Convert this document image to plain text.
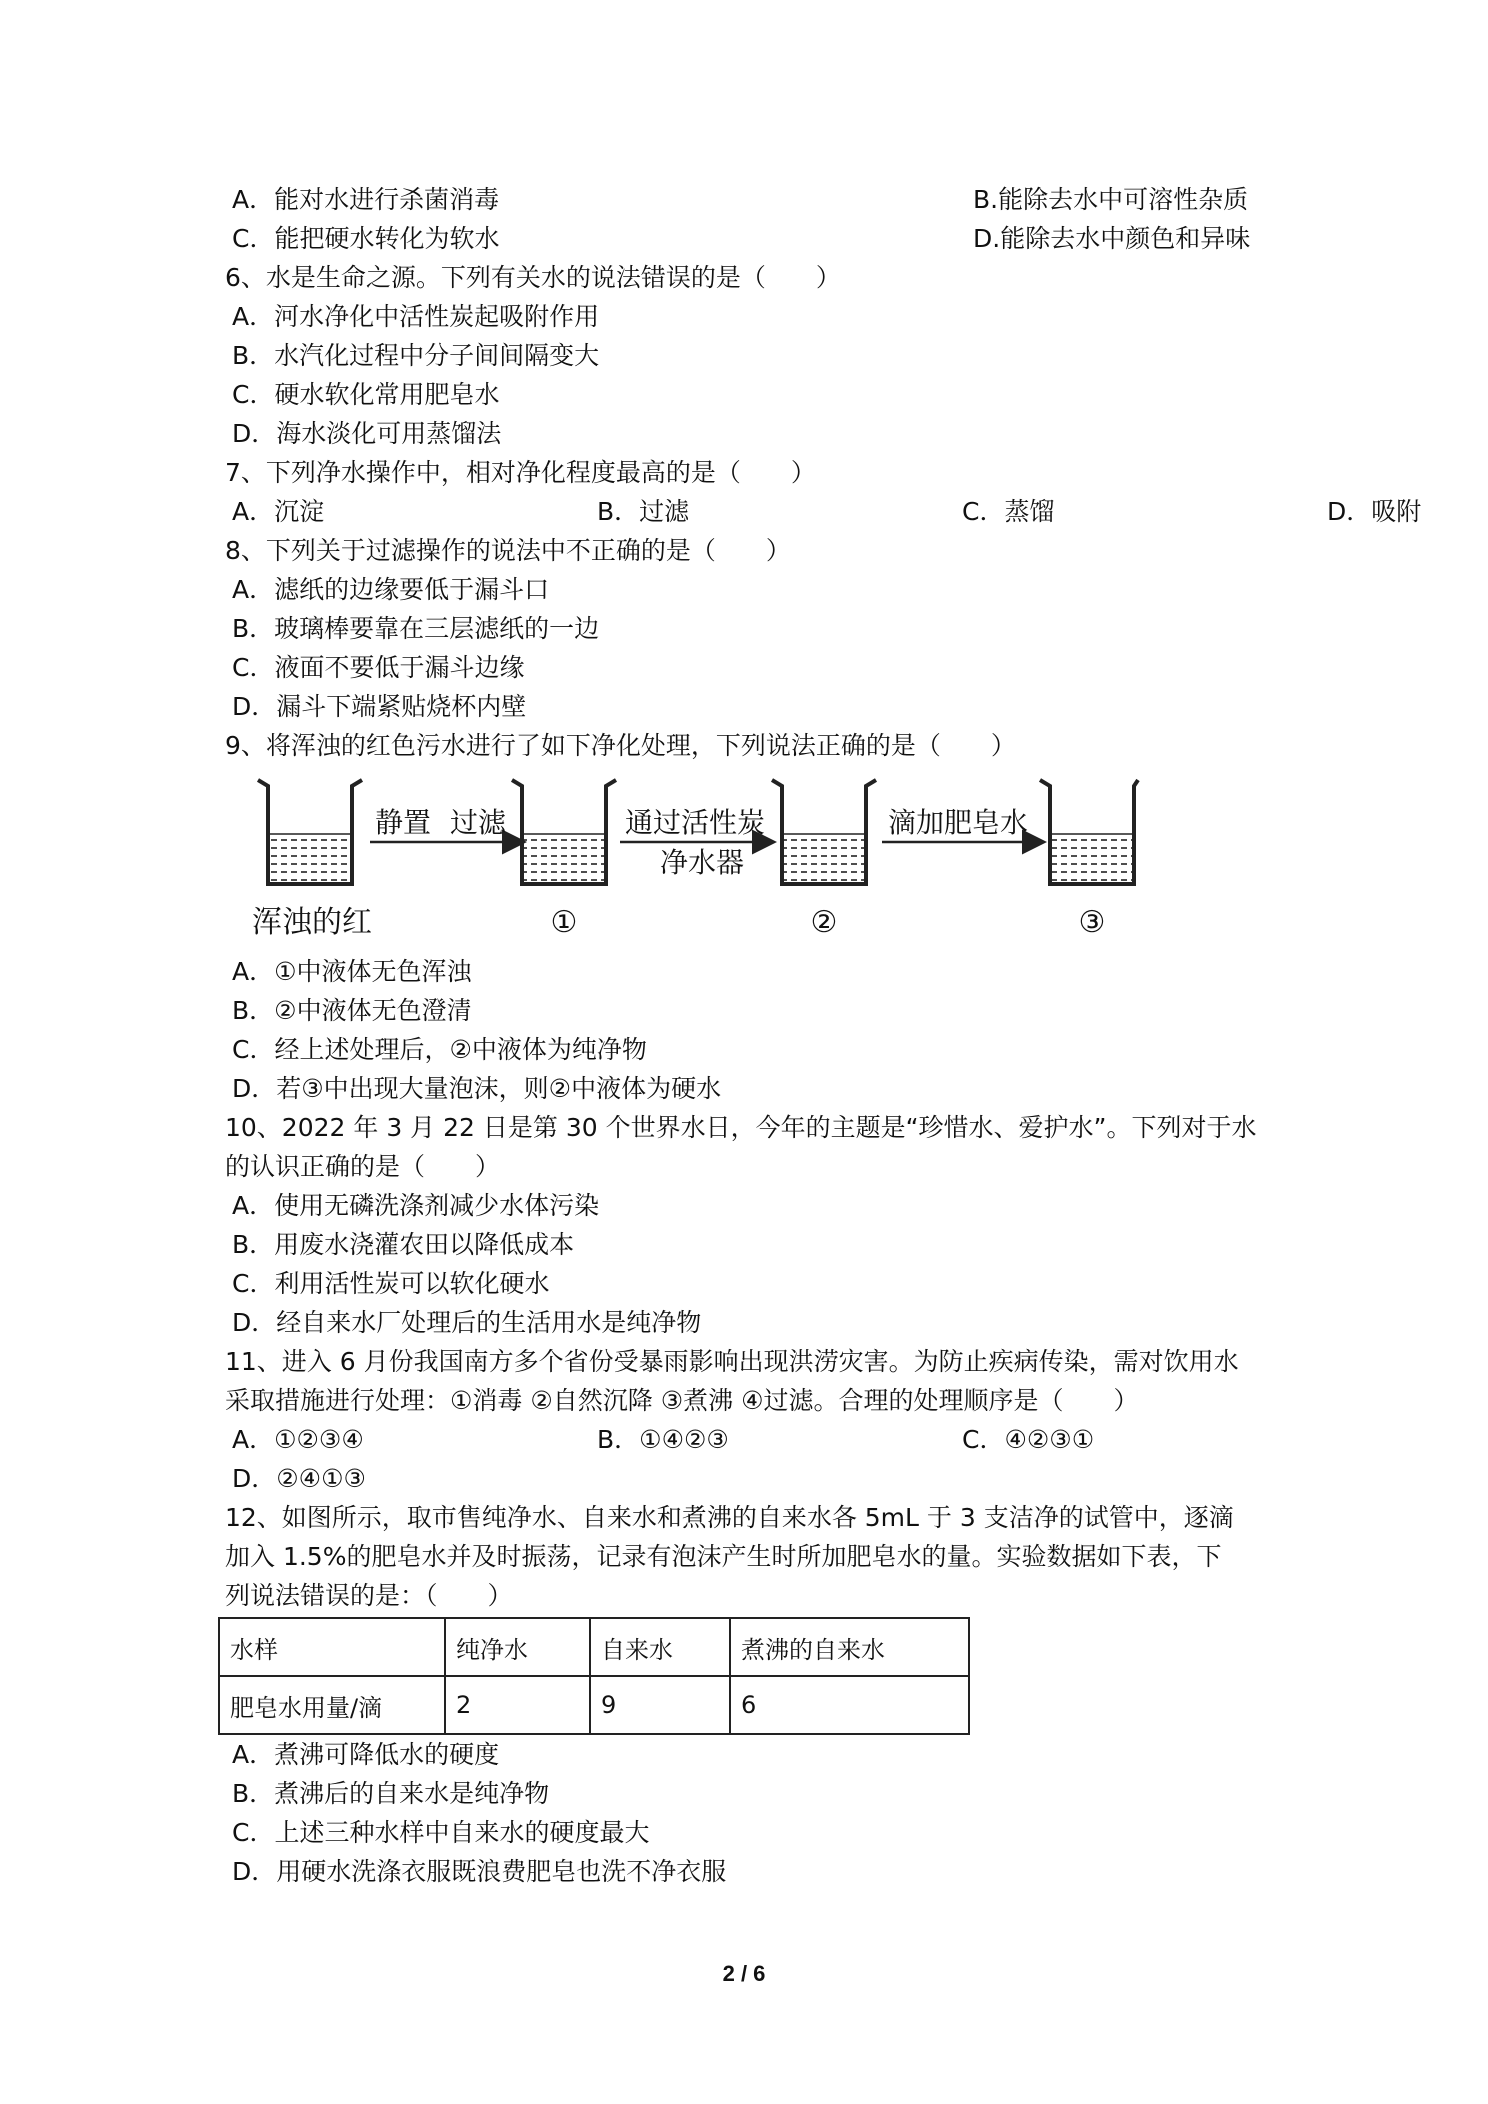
A．能对水进行杀菌消毒	B.能除去水中可溶性杂质
C．能把硬水转化为软水	D.能除去水中颜色和异味
6、水是生命之源。下列有关水的说法错误的是（　　）
A．河水净化中活性炭起吸附作用
B．水汽化过程中分子间间隔变大
C．硬水软化常用肥皂水
D．海水淡化可用蒸馏法
7、下列净水操作中，相对净化程度最高的是（　　）
A．沉淀	B．过滤	C．蒸馏	D．吸附
8、下列关于过滤操作的说法中不正确的是（　　）
A．滤纸的边缘要低于漏斗口
B．玻璃棒要靠在三层滤纸的一边
C．液面不要低于漏斗边缘
D．漏斗下端紧贴烧杯内壁
9、将浑浊的红色污水进行了如下净化处理，下列说法正确的是（　　）
浑浊的红
静置 过滤
①
通过活性炭
净水器
②
滴加肥皂水
③
A．①中液体无色浑浊
B．②中液体无色澄清
C．经上述处理后，②中液体为纯净物
D．若③中出现大量泡沫，则②中液体为硬水
10、2022 年 3 月 22 日是第 30 个世界水日，今年的主题是“珍惜水、爱护水”。下列对于水
的认识正确的是（　　）
A．使用无磷洗涤剂减少水体污染
B．用废水浇灌农田以降低成本
C．利用活性炭可以软化硬水
D．经自来水厂处理后的生活用水是纯净物
11、进入 6 月份我国南方多个省份受暴雨影响出现洪涝灾害。为防止疾病传染，需对饮用水
采取措施进行处理：①消毒 ②自然沉降 ③煮沸 ④过滤。合理的处理顺序是（　　）
A．①②③④	B．①④②③	C．④②③①
D．②④①③
12、如图所示，取市售纯净水、自来水和煮沸的自来水各 5mL 于 3 支洁净的试管中，逐滴
加入 1.5%的肥皂水并及时振荡，记录有泡沫产生时所加肥皂水的量。实验数据如下表，下
列说法错误的是：（　　）
水样	纯净水	自来水	煮沸的自来水
肥皂水用量/滴	2	9	6
A．煮沸可降低水的硬度
B．煮沸后的自来水是纯净物
C．上述三种水样中自来水的硬度最大
D．用硬水洗涤衣服既浪费肥皂也洗不净衣服
2 / 6
